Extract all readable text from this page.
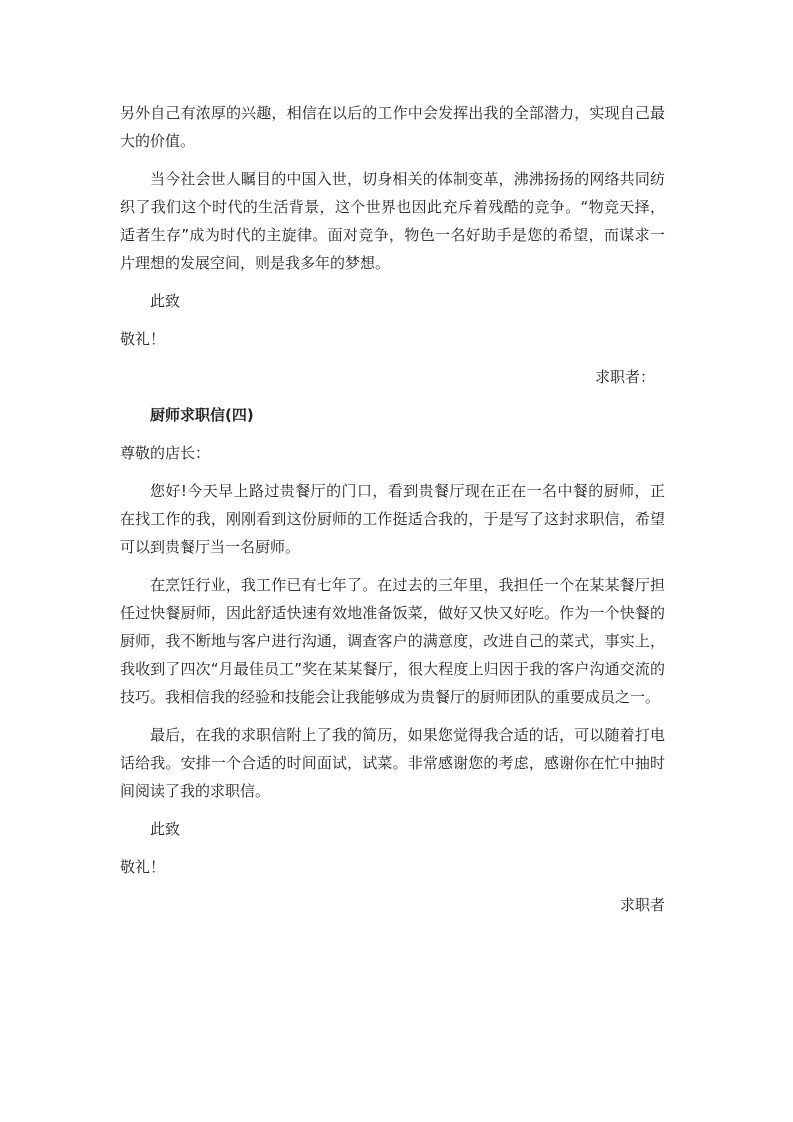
另外自己有浓厚的兴趣，相信在以后的工作中会发挥出我的全部潜力，实现自己最大的价值。

当今社会世人瞩目的中国入世，切身相关的体制变革，沸沸扬扬的网络共同纺织了我们这个时代的生活背景，这个世界也因此充斥着残酷的竞争。“物竞天择，适者生存”成为时代的主旋律。面对竞争，物色一名好助手是您的希望，而谋求一片理想的发展空间，则是我多年的梦想。

此致

敬礼！

求职者：

厨师求职信(四)

尊敬的店长：

您好!今天早上路过贵餐厅的门口，看到贵餐厅现在正在一名中餐的厨师，正在找工作的我，刚刚看到这份厨师的工作挺适合我的，于是写了这封求职信，希望可以到贵餐厅当一名厨师。

在烹饪行业，我工作已有七年了。在过去的三年里，我担任一个在某某餐厅担任过快餐厨师，因此舒适快速有效地准备饭菜，做好又快又好吃。作为一个快餐的厨师，我不断地与客户进行沟通，调查客户的满意度，改进自己的菜式，事实上，我收到了四次“月最佳员工”奖在某某餐厅，很大程度上归因于我的客户沟通交流的技巧。我相信我的经验和技能会让我能够成为贵餐厅的厨师团队的重要成员之一。

最后，在我的求职信附上了我的简历，如果您觉得我合适的话，可以随着打电话给我。安排一个合适的时间面试，试菜。非常感谢您的考虑，感谢你在忙中抽时间阅读了我的求职信。

此致

敬礼！

求职者
